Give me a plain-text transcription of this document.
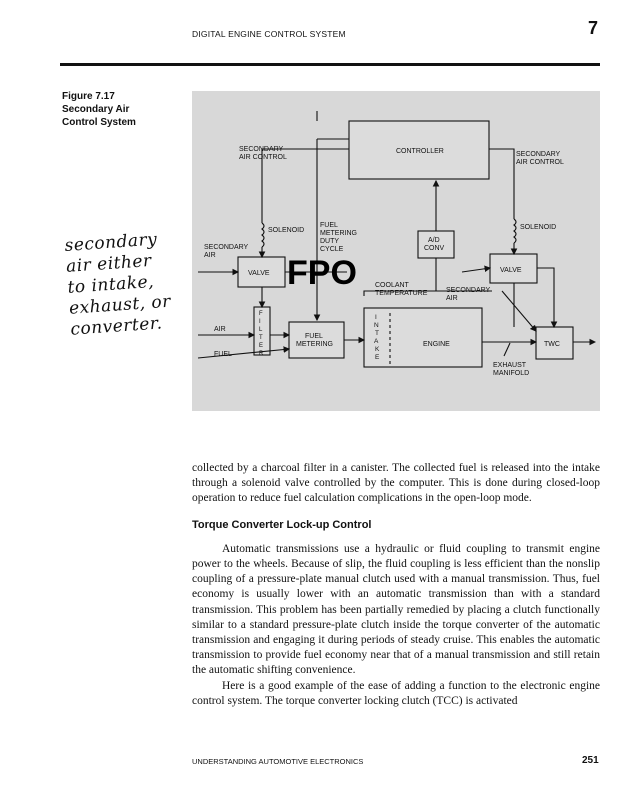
DIGITAL ENGINE CONTROL SYSTEM	7
Figure 7.17
Secondary Air
Control System
SECONDARY AIR CONTROL
CONTROLLER	SECONDARY AIR CONTROL
SOLENOID	SOLENOID
FUEL METERING DUTY CYCLE
SECONDARY AIR
VALVE	VALVE
A/D CONV
COOLANT TEMPERATURE	SECONDARY AIR
AIR
FUEL
F I L T E R
FUEL METERING
I N T A K E
ENGINE	TWC
EXHAUST MANIFOLD
FPO
secondary
air either
to intake,
exhaust, or
converter.

collected by a charcoal filter in a canister. The collected fuel is released into the intake through a solenoid valve controlled by the computer. This is done during closed-loop operation to reduce fuel calculation complications in the open-loop mode.

Torque Converter Lock-up Control

Automatic transmissions use a hydraulic or fluid coupling to transmit engine power to the wheels. Because of slip, the fluid coupling is less efficient than the nonslip coupling of a pressure-plate manual clutch used with a manual transmission. Thus, fuel economy is usually lower with an automatic transmission than with a standard transmission. This problem has been partially remedied by placing a clutch functionally similar to a standard pressure-plate clutch inside the torque converter of the automatic transmission and engaging it during periods of steady cruise. This enables the automatic transmission to provide fuel economy near that of a manual transmission and still retain the automatic shifting convenience.

Here is a good example of the ease of adding a function to the electronic engine control system. The torque converter locking clutch (TCC) is activated

UNDERSTANDING AUTOMOTIVE ELECTRONICS	251
